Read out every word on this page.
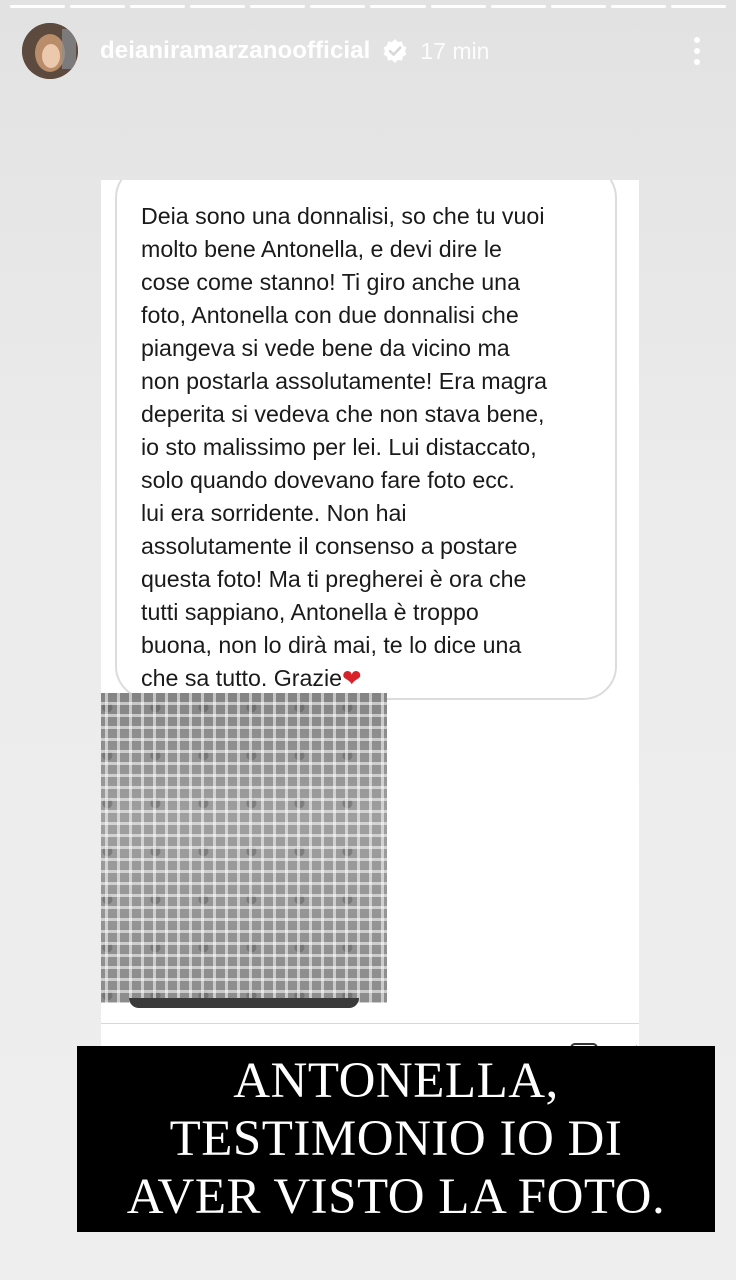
deianiramarzanoofficial 17 min

Deia sono una donnalisi, so che tu vuoi
molto bene Antonella, e devi dire le
cose come stanno! Ti giro anche una
foto, Antonella con due donnalisi che
piangeva si vede bene da vicino ma
non postarla assolutamente! Era magra
deperita si vedeva che non stava bene,
io sto malissimo per lei. Lui distaccato,
solo quando dovevano fare foto ecc.
lui era sorridente. Non hai
assolutamente il consenso a postare
questa foto! Ma ti pregherei è ora che
tutti sappiano, Antonella è troppo
buona, non lo dirà mai, te lo dice una
che sa tutto. Grazie❤

ANTONELLA,
TESTIMONIO IO DI
AVER VISTO LA FOTO.
